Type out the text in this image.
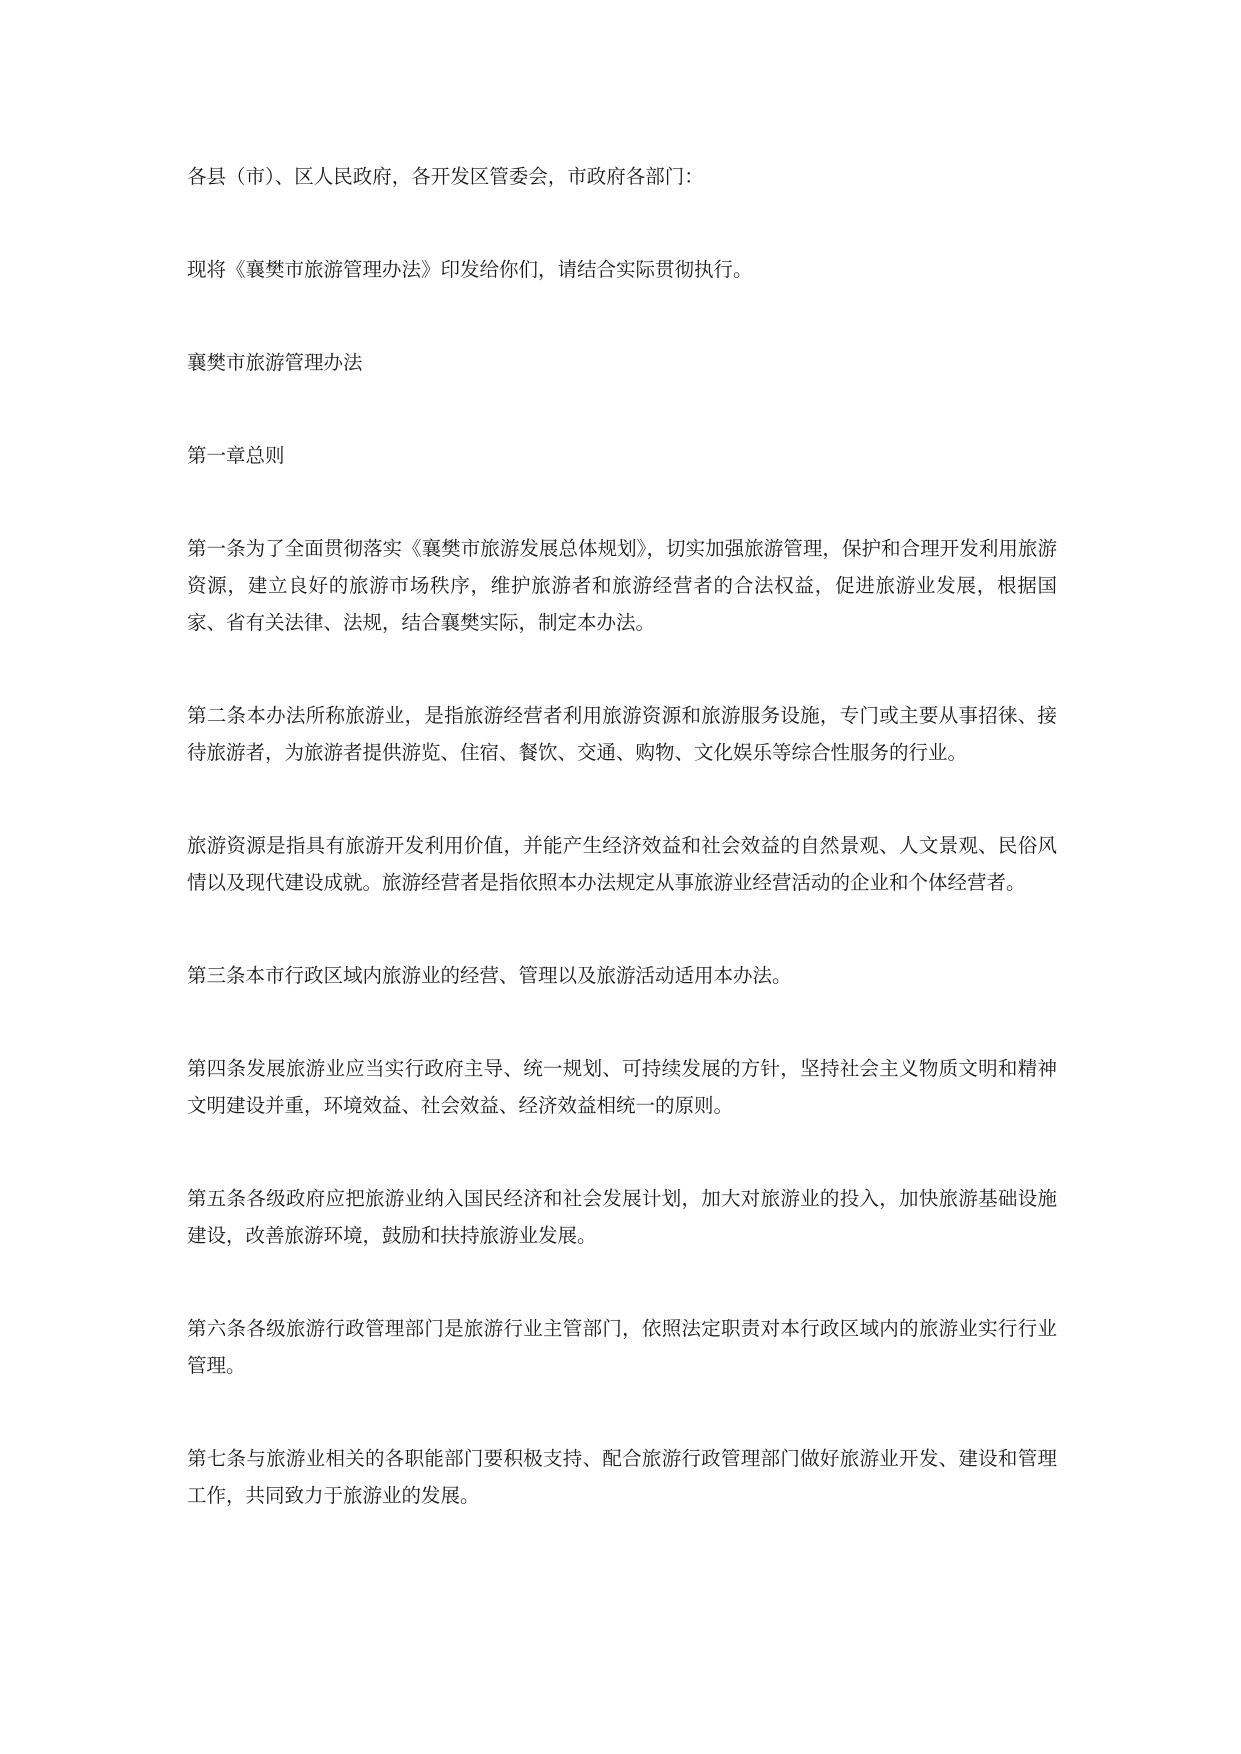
各县（市）、区人民政府，各开发区管委会，市政府各部门：

现将《襄樊市旅游管理办法》印发给你们，请结合实际贯彻执行。

襄樊市旅游管理办法

第一章总则

第一条为了全面贯彻落实《襄樊市旅游发展总体规划》，切实加强旅游管理，保护和合理开发利用旅游资源，建立良好的旅游市场秩序，维护旅游者和旅游经营者的合法权益，促进旅游业发展，根据国家、省有关法律、法规，结合襄樊实际，制定本办法。

第二条本办法所称旅游业，是指旅游经营者利用旅游资源和旅游服务设施，专门或主要从事招徕、接待旅游者，为旅游者提供游览、住宿、餐饮、交通、购物、文化娱乐等综合性服务的行业。

旅游资源是指具有旅游开发利用价值，并能产生经济效益和社会效益的自然景观、人文景观、民俗风情以及现代建设成就。旅游经营者是指依照本办法规定从事旅游业经营活动的企业和个体经营者。

第三条本市行政区域内旅游业的经营、管理以及旅游活动适用本办法。

第四条发展旅游业应当实行政府主导、统一规划、可持续发展的方针，坚持社会主义物质文明和精神文明建设并重，环境效益、社会效益、经济效益相统一的原则。

第五条各级政府应把旅游业纳入国民经济和社会发展计划，加大对旅游业的投入，加快旅游基础设施建设，改善旅游环境，鼓励和扶持旅游业发展。

第六条各级旅游行政管理部门是旅游行业主管部门，依照法定职责对本行政区域内的旅游业实行行业管理。

第七条与旅游业相关的各职能部门要积极支持、配合旅游行政管理部门做好旅游业开发、建设和管理工作，共同致力于旅游业的发展。
